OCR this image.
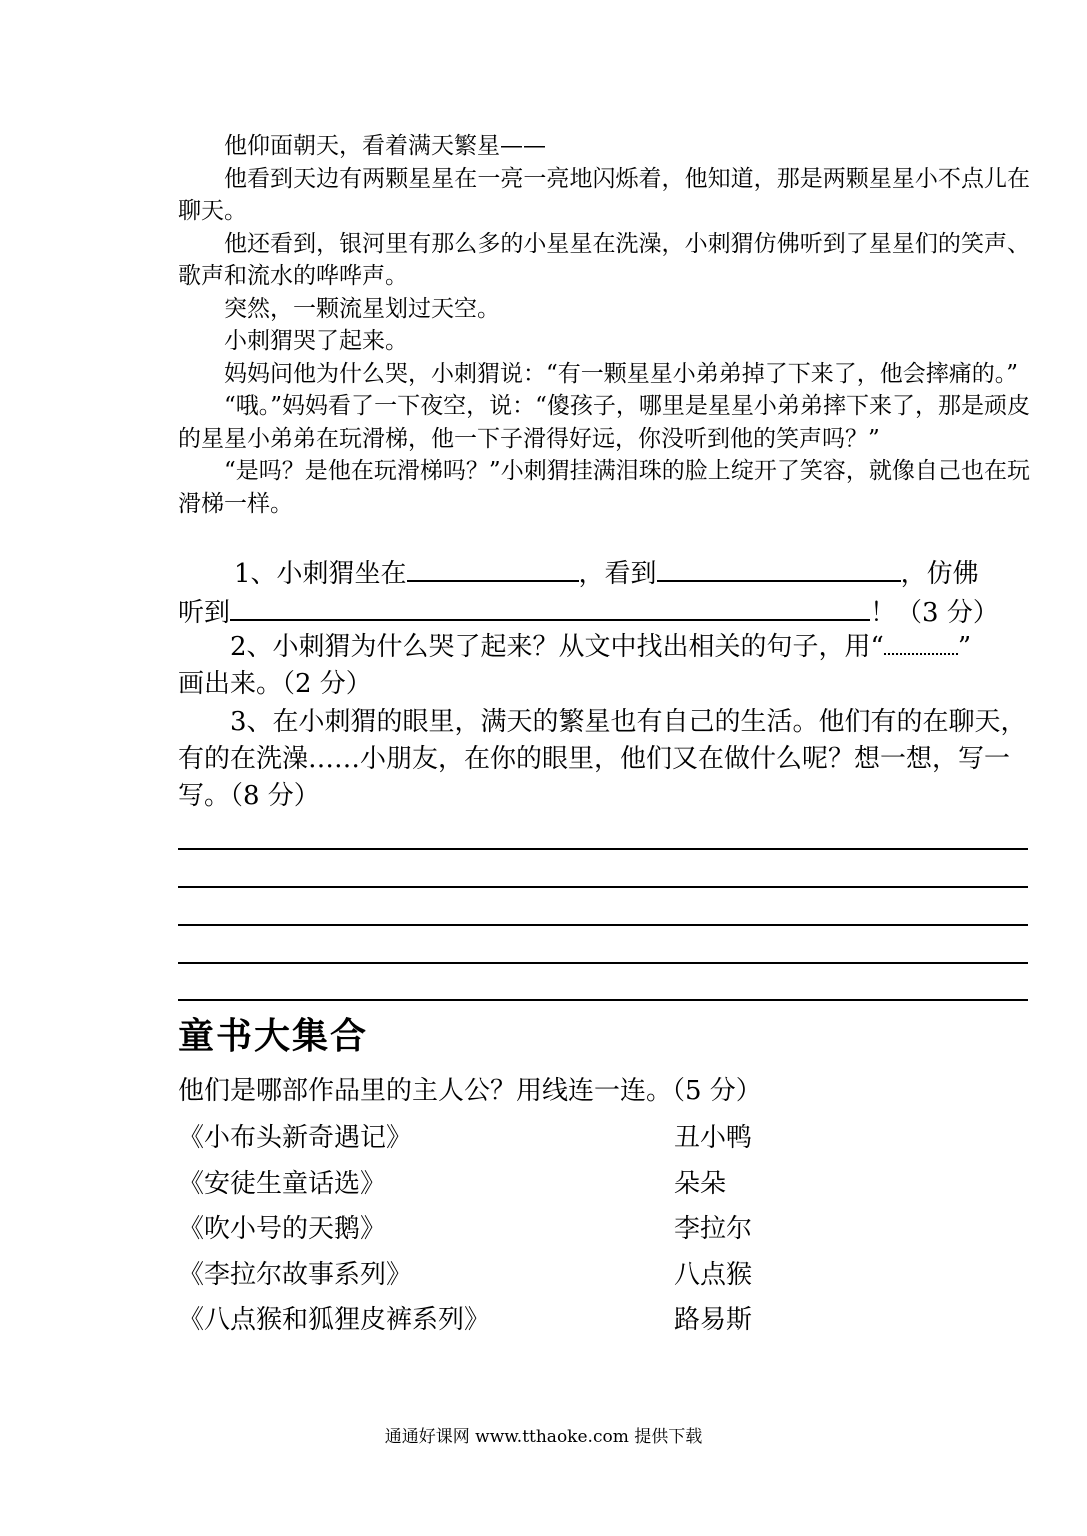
他仰面朝天，看着满天繁星——

他看到天边有两颗星星在一亮一亮地闪烁着，他知道，那是两颗星星小不点儿在聊天。

他还看到，银河里有那么多的小星星在洗澡，小刺猬仿佛听到了星星们的笑声、歌声和流水的哗哗声。

突然，一颗流星划过天空。

小刺猬哭了起来。

妈妈问他为什么哭，小刺猬说：“有一颗星星小弟弟掉了下来了，他会摔痛的。”

“哦。”妈妈看了一下夜空，说：“傻孩子，哪里是星星小弟弟摔下来了，那是顽皮的星星小弟弟在玩滑梯，他一下子滑得好远，你没听到他的笑声吗？”

“是吗？是他在玩滑梯吗？”小刺猬挂满泪珠的脸上绽开了笑容，就像自己也在玩滑梯一样。

1、小刺猬坐在	，看到	，仿佛

听到	！（3 分）

2、小刺猬为什么哭了起来？从文中找出相关的句子，用“	”

画出来。（2 分）

3、在小刺猬的眼里，满天的繁星也有自己的生活。他们有的在聊天，有的在洗澡……小朋友，在你的眼里，他们又在做什么呢？想一想，写一写。（8 分）

童书大集合
他们是哪部作品里的主人公？用线连一连。（5 分）
《小布头新奇遇记》	丑小鸭
《安徒生童话选》	朵朵
《吹小号的天鹅》	李拉尔
《李拉尔故事系列》	八点猴
《八点猴和狐狸皮裤系列》	路易斯
通通好课网 www.tthaoke.com 提供下载
